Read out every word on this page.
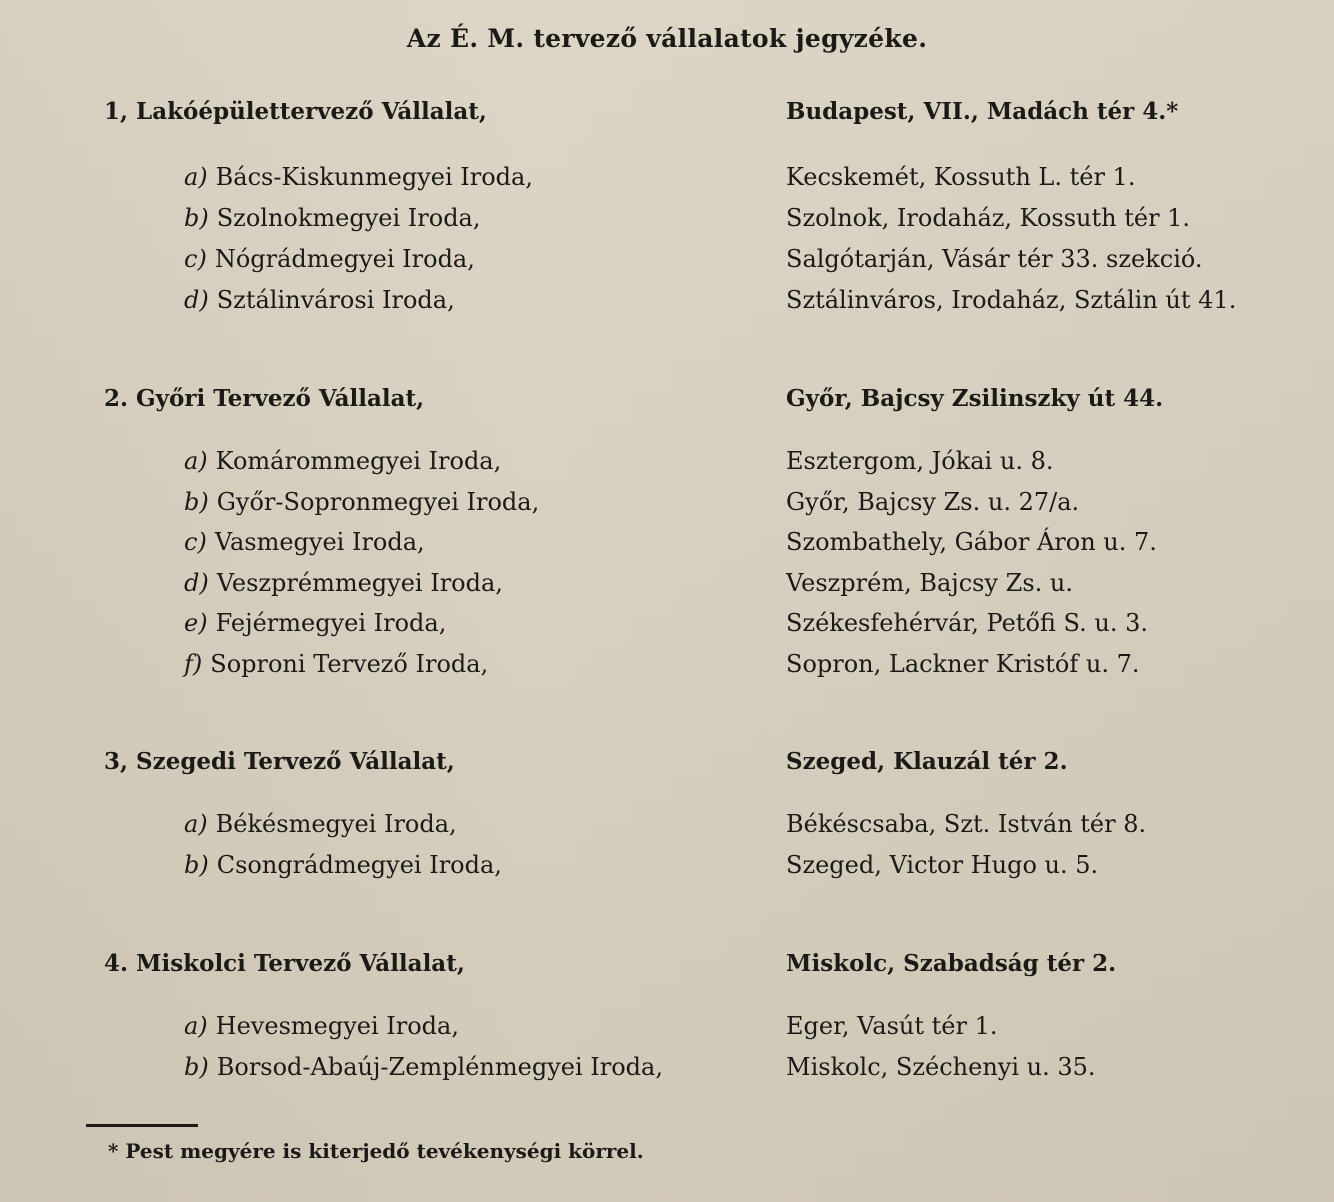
Az É. M. tervező vállalatok jegyzéke.
1, Lakóépülettervező Vállalat,	Budapest, VII., Madách tér 4.*
a) Bács-Kiskunmegyei Iroda,	Kecskemét, Kossuth L. tér 1.
b) Szolnokmegyei Iroda,	Szolnok, Irodaház, Kossuth tér 1.
c) Nógrádmegyei Iroda,	Salgótarján, Vásár tér 33. szekció.
d) Sztálinvárosi Iroda,	Sztálinváros, Irodaház, Sztálin út 41.
2. Győri Tervező Vállalat,	Győr, Bajcsy Zsilinszky út 44.
a) Komárommegyei Iroda,	Esztergom, Jókai u. 8.
b) Győr-Sopronmegyei Iroda,	Győr, Bajcsy Zs. u. 27/a.
c) Vasmegyei Iroda,	Szombathely, Gábor Áron u. 7.
d) Veszprémmegyei Iroda,	Veszprém, Bajcsy Zs. u.
e) Fejérmegyei Iroda,	Székesfehérvár, Petőfi S. u. 3.
f) Soproni Tervező Iroda,	Sopron, Lackner Kristóf u. 7.
3, Szegedi Tervező Vállalat,	Szeged, Klauzál tér 2.
a) Békésmegyei Iroda,	Békéscsaba, Szt. István tér 8.
b) Csongrádmegyei Iroda,	Szeged, Victor Hugo u. 5.
4. Miskolci Tervező Vállalat,	Miskolc, Szabadság tér 2.
a) Hevesmegyei Iroda,	Eger, Vasút tér 1.
b) Borsod-Abaúj-Zemplénmegyei Iroda,	Miskolc, Széchenyi u. 35.
* Pest megyére is kiterjedő tevékenységi körrel.
